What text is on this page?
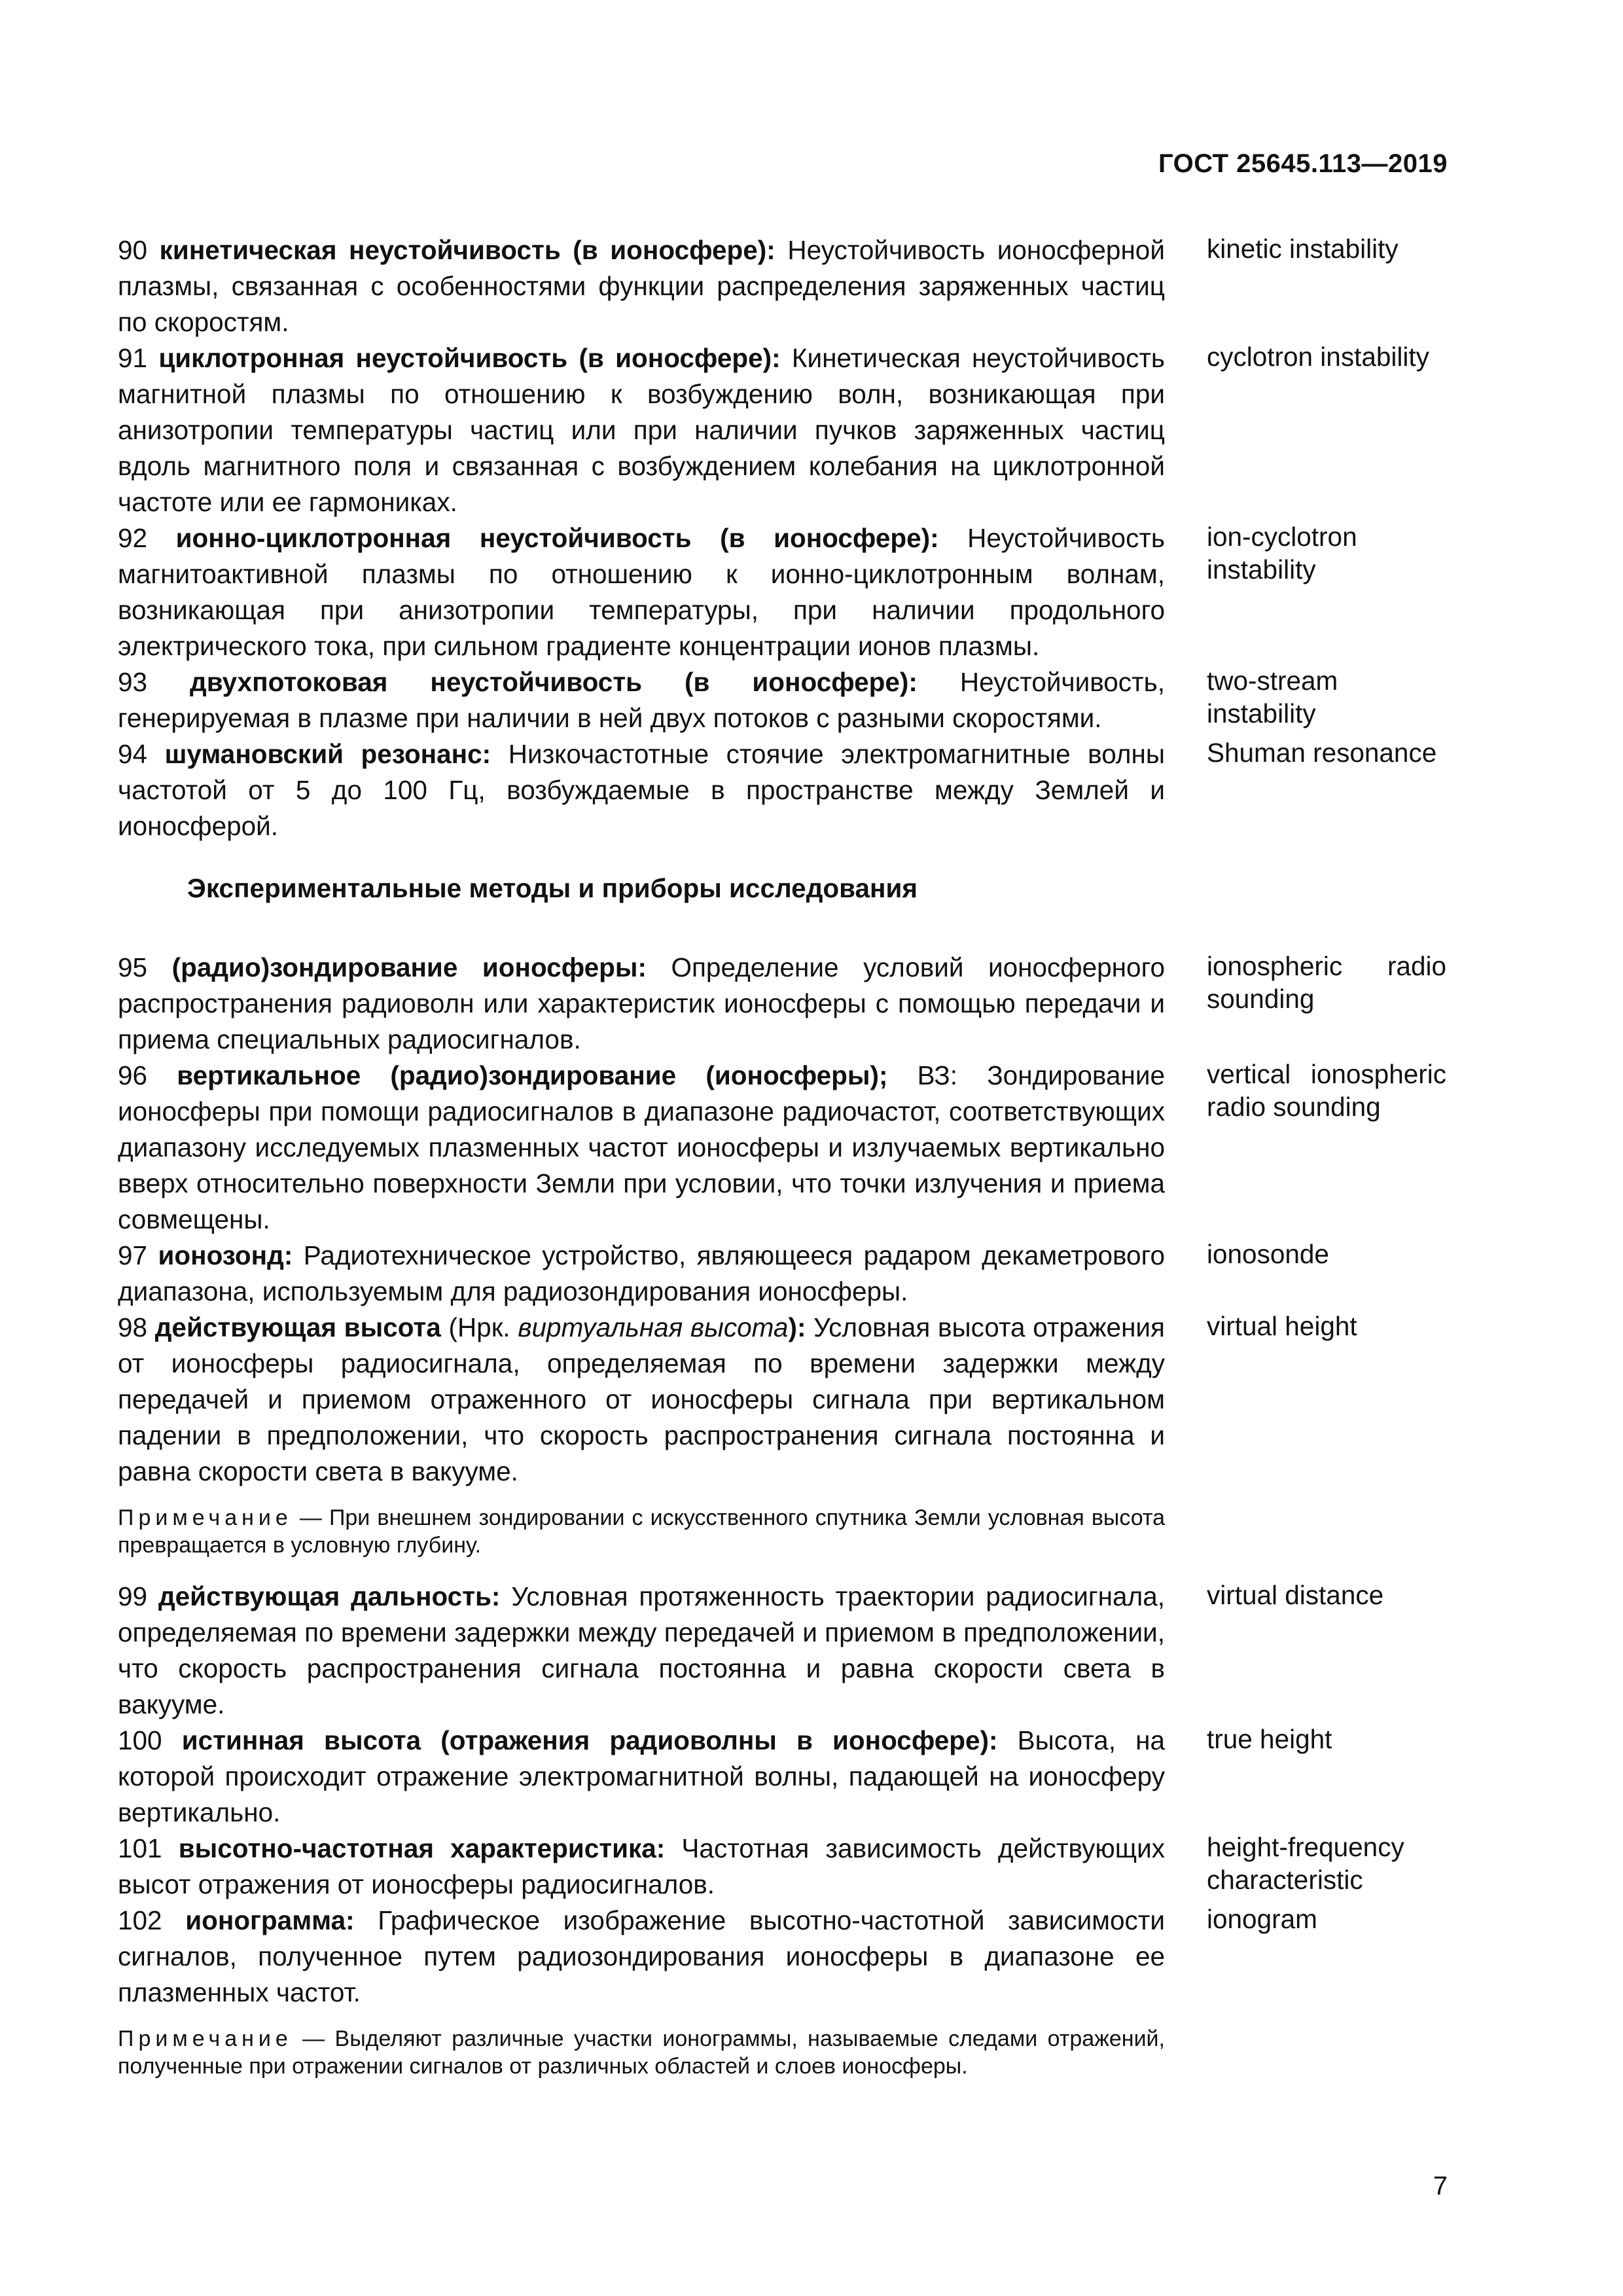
ГОСТ 25645.113—2019
90 кинетическая неустойчивость (в ионосфере): Неустойчивость ионосферной плазмы, связанная с особенностями функции распределения заряженных частиц по скоростям.
kinetic instability
91 циклотронная неустойчивость (в ионосфере): Кинетическая неустойчивость магнитной плазмы по отношению к возбуждению волн, возникающая при анизотропии температуры частиц или при наличии пучков заряженных частиц вдоль магнитного поля и связанная с возбуждением колебания на циклотронной частоте или ее гармониках.
cyclotron instability
92 ионно-циклотронная неустойчивость (в ионосфере): Неустойчивость магнитоактивной плазмы по отношению к ионно-циклотронным волнам, возникающая при анизотропии температуры, при наличии продольного электрического тока, при сильном градиенте концентрации ионов плазмы.
ion-cyclotron instability
93 двухпотоковая неустойчивость (в ионосфере): Неустойчивость, генерируемая в плазме при наличии в ней двух потоков с разными скоростями.
two-stream instability
94 шумановский резонанс: Низкочастотные стоячие электромагнитные волны частотой от 5 до 100 Гц, возбуждаемые в пространстве между Землей и ионосферой.
Shuman resonance
Экспериментальные методы и приборы исследования
95 (радио)зондирование ионосферы: Определение условий ионосферного распространения радиоволн или характеристик ионосферы с помощью передачи и приема специальных радиосигналов.
ionospheric radio sounding
96 вертикальное (радио)зондирование (ионосферы); ВЗ: Зондирование ионосферы при помощи радиосигналов в диапазоне радиочастот, соответствующих диапазону исследуемых плазменных частот ионосферы и излучаемых вертикально вверх относительно поверхности Земли при условии, что точки излучения и приема совмещены.
vertical ionospheric radio sounding
97 ионозонд: Радиотехническое устройство, являющееся радаром декаметрового диапазона, используемым для радиозондирования ионосферы.
ionosonde
98 действующая высота (Нрк. виртуальная высота): Условная высота отражения от ионосферы радиосигнала, определяемая по времени задержки между передачей и приемом отраженного от ионосферы сигнала при вертикальном падении в предположении, что скорость распространения сигнала постоянна и равна скорости света в вакууме.
virtual height
Примечание — При внешнем зондировании с искусственного спутника Земли условная высота превращается в условную глубину.
99 действующая дальность: Условная протяженность траектории радиосигнала, определяемая по времени задержки между передачей и приемом в предположении, что скорость распространения сигнала постоянна и равна скорости света в вакууме.
virtual distance
100 истинная высота (отражения радиоволны в ионосфере): Высота, на которой происходит отражение электромагнитной волны, падающей на ионосферу вертикально.
true height
101 высотно-частотная характеристика: Частотная зависимость действующих высот отражения от ионосферы радиосигналов.
height-frequency characteristic
102 ионограмма: Графическое изображение высотно-частотной зависимости сигналов, полученное путем радиозондирования ионосферы в диапазоне ее плазменных частот.
ionogram
Примечание — Выделяют различные участки ионограммы, называемые следами отражений, полученные при отражении сигналов от различных областей и слоев ионосферы.
7
